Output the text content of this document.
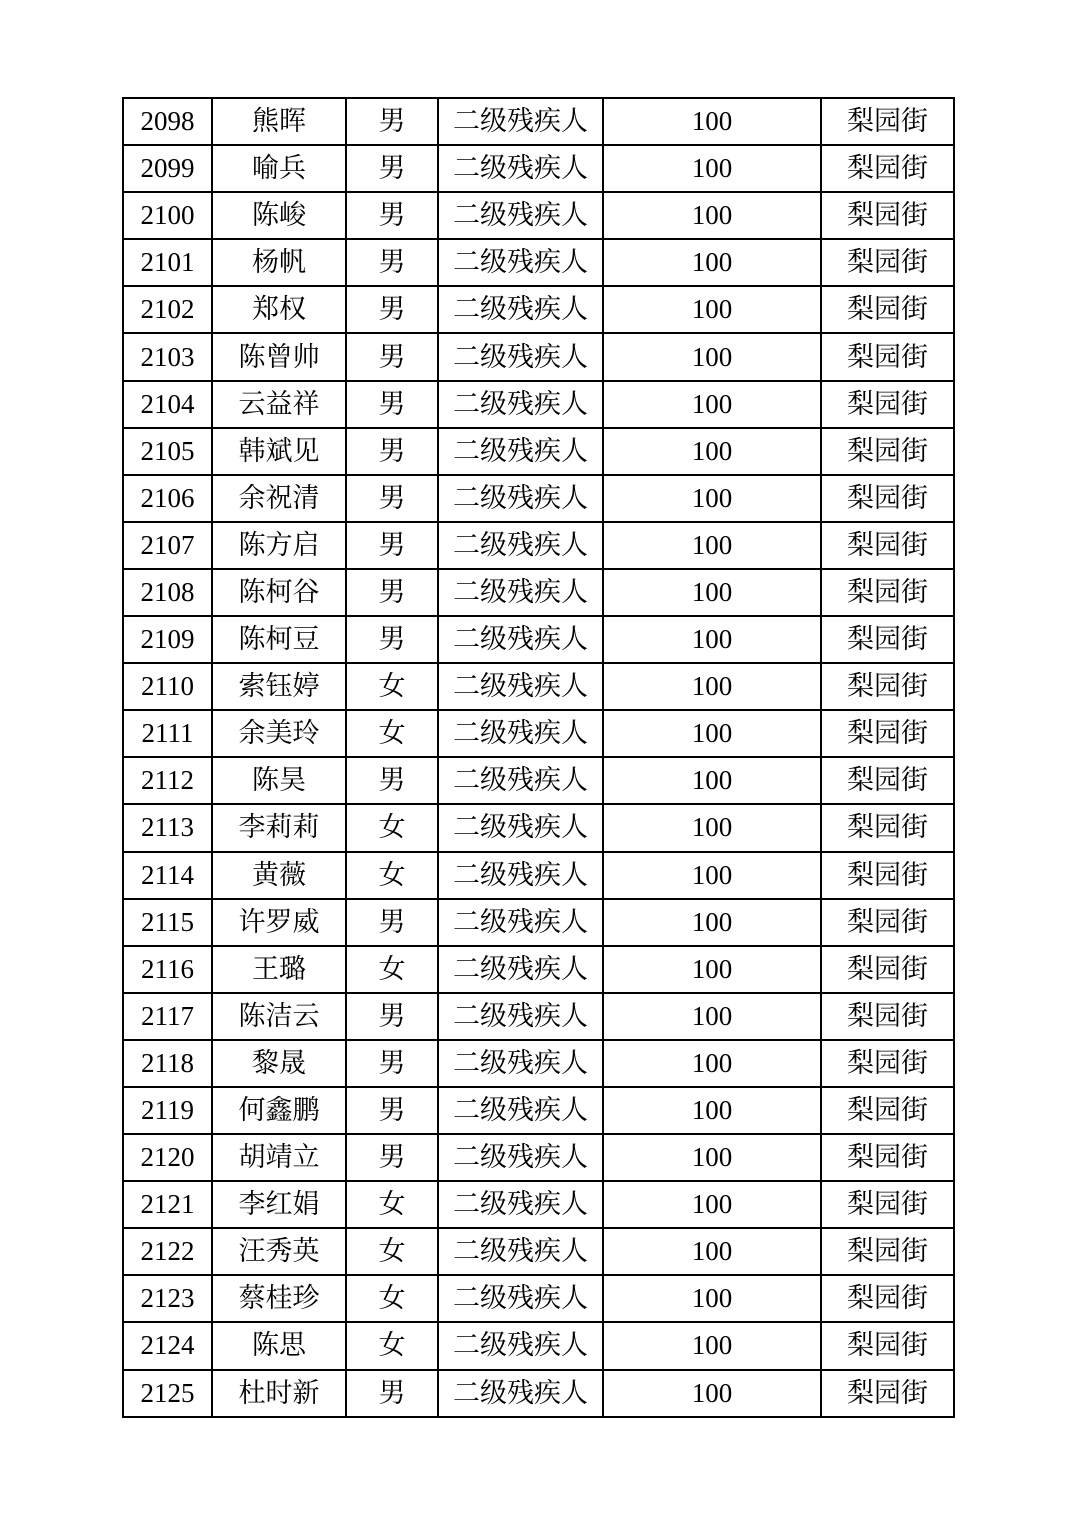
2098	熊晖	男	二级残疾人	100	梨园街
2099	喻兵	男	二级残疾人	100	梨园街
2100	陈峻	男	二级残疾人	100	梨园街
2101	杨帆	男	二级残疾人	100	梨园街
2102	郑权	男	二级残疾人	100	梨园街
2103	陈曾帅	男	二级残疾人	100	梨园街
2104	云益祥	男	二级残疾人	100	梨园街
2105	韩斌见	男	二级残疾人	100	梨园街
2106	余祝清	男	二级残疾人	100	梨园街
2107	陈方启	男	二级残疾人	100	梨园街
2108	陈柯谷	男	二级残疾人	100	梨园街
2109	陈柯豆	男	二级残疾人	100	梨园街
2110	索钰婷	女	二级残疾人	100	梨园街
2111	余美玲	女	二级残疾人	100	梨园街
2112	陈昊	男	二级残疾人	100	梨园街
2113	李莉莉	女	二级残疾人	100	梨园街
2114	黄薇	女	二级残疾人	100	梨园街
2115	许罗威	男	二级残疾人	100	梨园街
2116	王璐	女	二级残疾人	100	梨园街
2117	陈洁云	男	二级残疾人	100	梨园街
2118	黎晟	男	二级残疾人	100	梨园街
2119	何鑫鹏	男	二级残疾人	100	梨园街
2120	胡靖立	男	二级残疾人	100	梨园街
2121	李红娟	女	二级残疾人	100	梨园街
2122	汪秀英	女	二级残疾人	100	梨园街
2123	蔡桂珍	女	二级残疾人	100	梨园街
2124	陈思	女	二级残疾人	100	梨园街
2125	杜时新	男	二级残疾人	100	梨园街
